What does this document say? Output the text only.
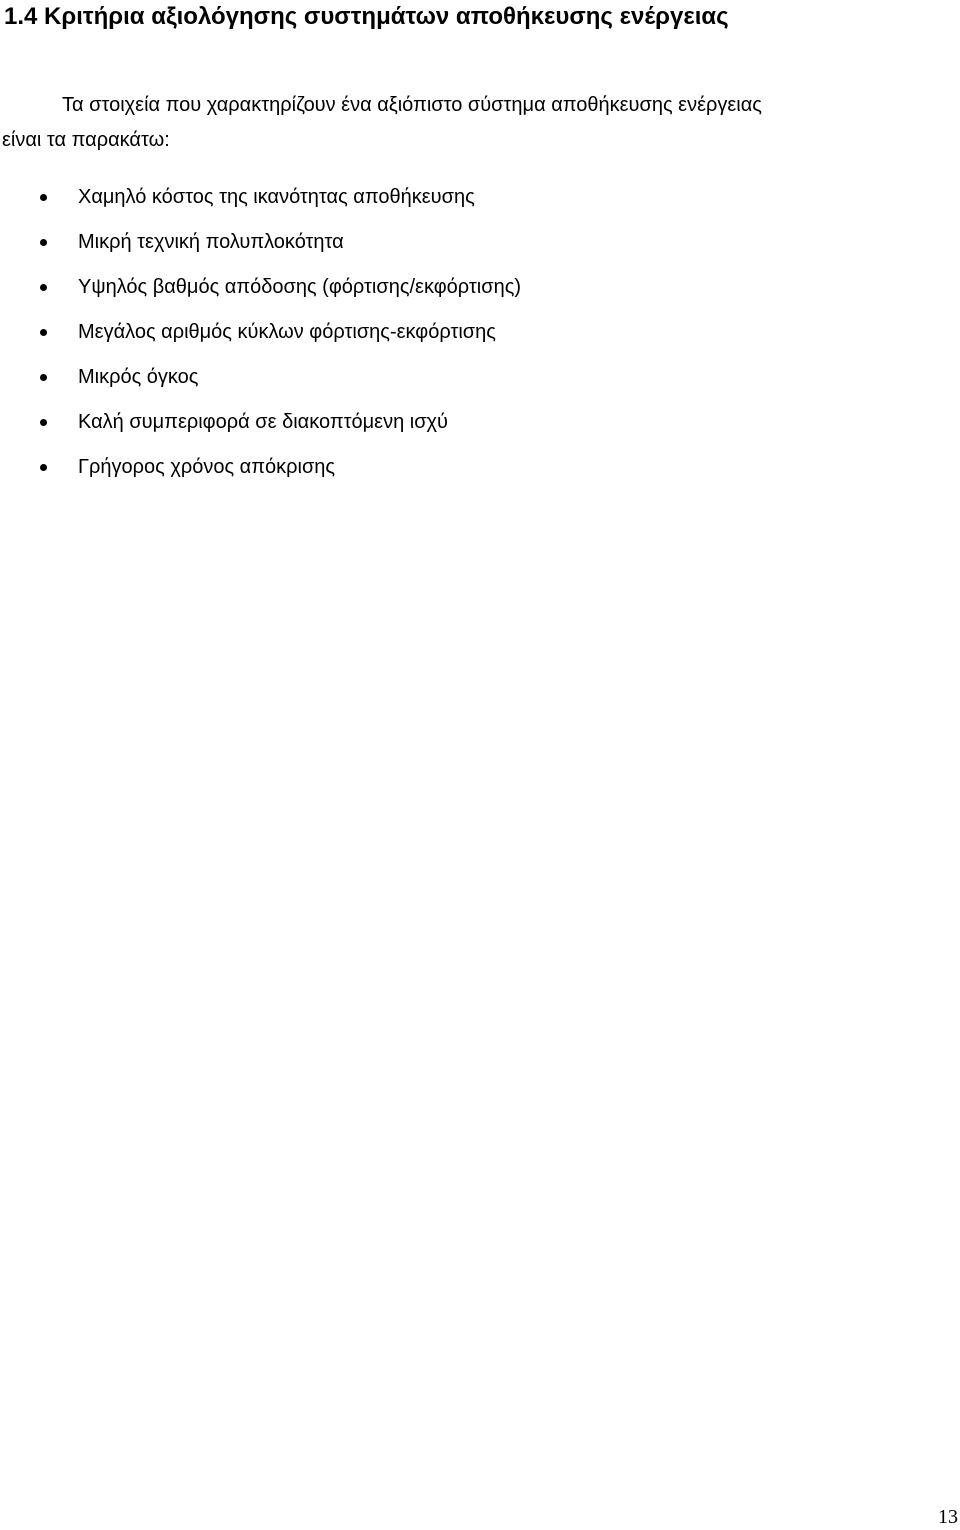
1.4 Κριτήρια αξιολόγησης συστημάτων αποθήκευσης ενέργειας

Τα στοιχεία που χαρακτηρίζουν ένα αξιόπιστο σύστημα αποθήκευσης ενέργειας
είναι τα παρακάτω:

Χαμηλό κόστος της ικανότητας αποθήκευσης
Μικρή τεχνική πολυπλοκότητα
Υψηλός βαθμός απόδοσης (φόρτισης/εκφόρτισης)
Μεγάλος αριθμός κύκλων φόρτισης-εκφόρτισης
Μικρός όγκος
Καλή συμπεριφορά σε διακοπτόμενη ισχύ
Γρήγορος χρόνος απόκρισης
13
